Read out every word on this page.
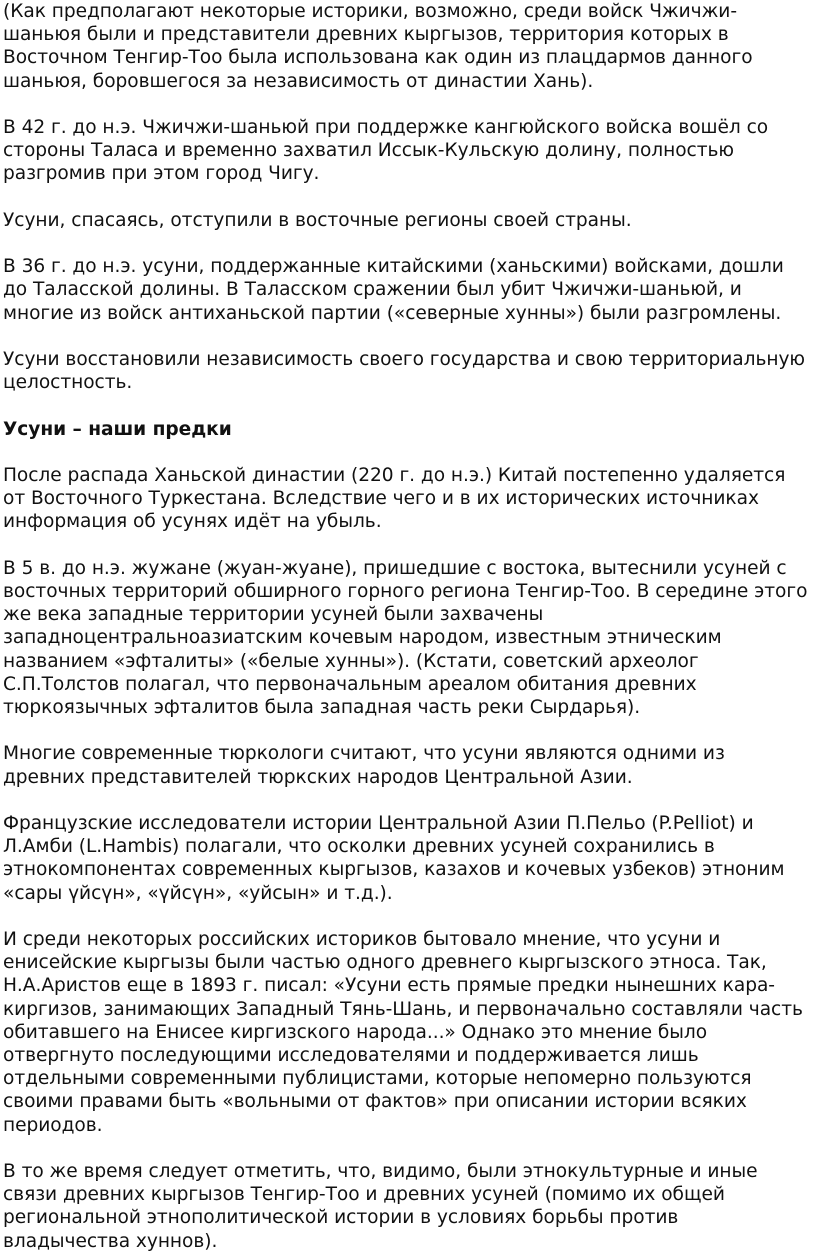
(Как предполагают некоторые историки, возможно, среди войск Чжичжи-шаньюя были и представители древних кыргызов, территория которых в Восточном Тенгир-Тоо была использована как один из плацдармов данного шаньюя, боровшегося за независимость от династии Хань).

В 42 г. до н.э. Чжичжи-шаньюй при поддержке кангюйского войска вошёл со стороны Таласа и временно захватил Иссык-Кульскую долину, полностью разгромив при этом город Чигу.

Усуни, спасаясь, отступили в восточные регионы своей страны.

В 36 г. до н.э. усуни, поддержанные китайскими (ханьскими) войсками, дошли до Таласской долины. В Таласском сражении был убит Чжичжи-шаньюй, и многие из войск антиханьской партии («северные хунны») были разгромлены.

Усуни восстановили независимость своего государства и свою территориальную целостность.

Усуни – наши предки

После распада Ханьской династии (220 г. до н.э.) Китай постепенно удаляется от Восточного Туркестана. Вследствие чего и в их исторических источниках информация об усунях идёт на убыль.

В 5 в. до н.э. жужане (жуан-жуане), пришедшие с востока, вытеснили усуней с восточных территорий обширного горного региона Тенгир-Тоо. В середине этого же века западные территории усуней были захвачены западноцентральноазиатским кочевым народом, известным этническим названием «эфталиты» («белые хунны»). (Кстати, советский археолог С.П.Толстов полагал, что первоначальным ареалом обитания древних тюркоязычных эфталитов была западная часть реки Сырдарья).

Многие современные тюркологи считают, что усуни являются одними из древних представителей тюркских народов Центральной Азии.

Французские исследователи истории Центральной Азии П.Пельо (P.Pelliot) и Л.Амби (L.Hambis) полагали, что осколки древних усуней сохранились в этнокомпонентах современных кыргызов, казахов и кочевых узбеков) этноним «сары үйсүн», «үйсүн», «уйсын» и т.д.).

И среди некоторых российских историков бытовало мнение, что усуни и енисейские кыргызы были частью одного древнего кыргызского этноса. Так, Н.А.Аристов еще в 1893 г. писал: «Усуни есть прямые предки нынешних кара-киргизов, занимающих Западный Тянь-Шань, и первоначально составляли часть обитавшего на Енисее киргизского народа...» Однако это мнение было отвергнуто последующими исследователями и поддерживается лишь отдельными современными публицистами, которые непомерно пользуются своими правами быть «вольными от фактов» при описании истории всяких периодов.

В то же время следует отметить, что, видимо, были этнокультурные и иные связи древних кыргызов Тенгир-Тоо и древних усуней (помимо их общей региональной этнополитической истории в условиях борьбы против владычества хуннов).
